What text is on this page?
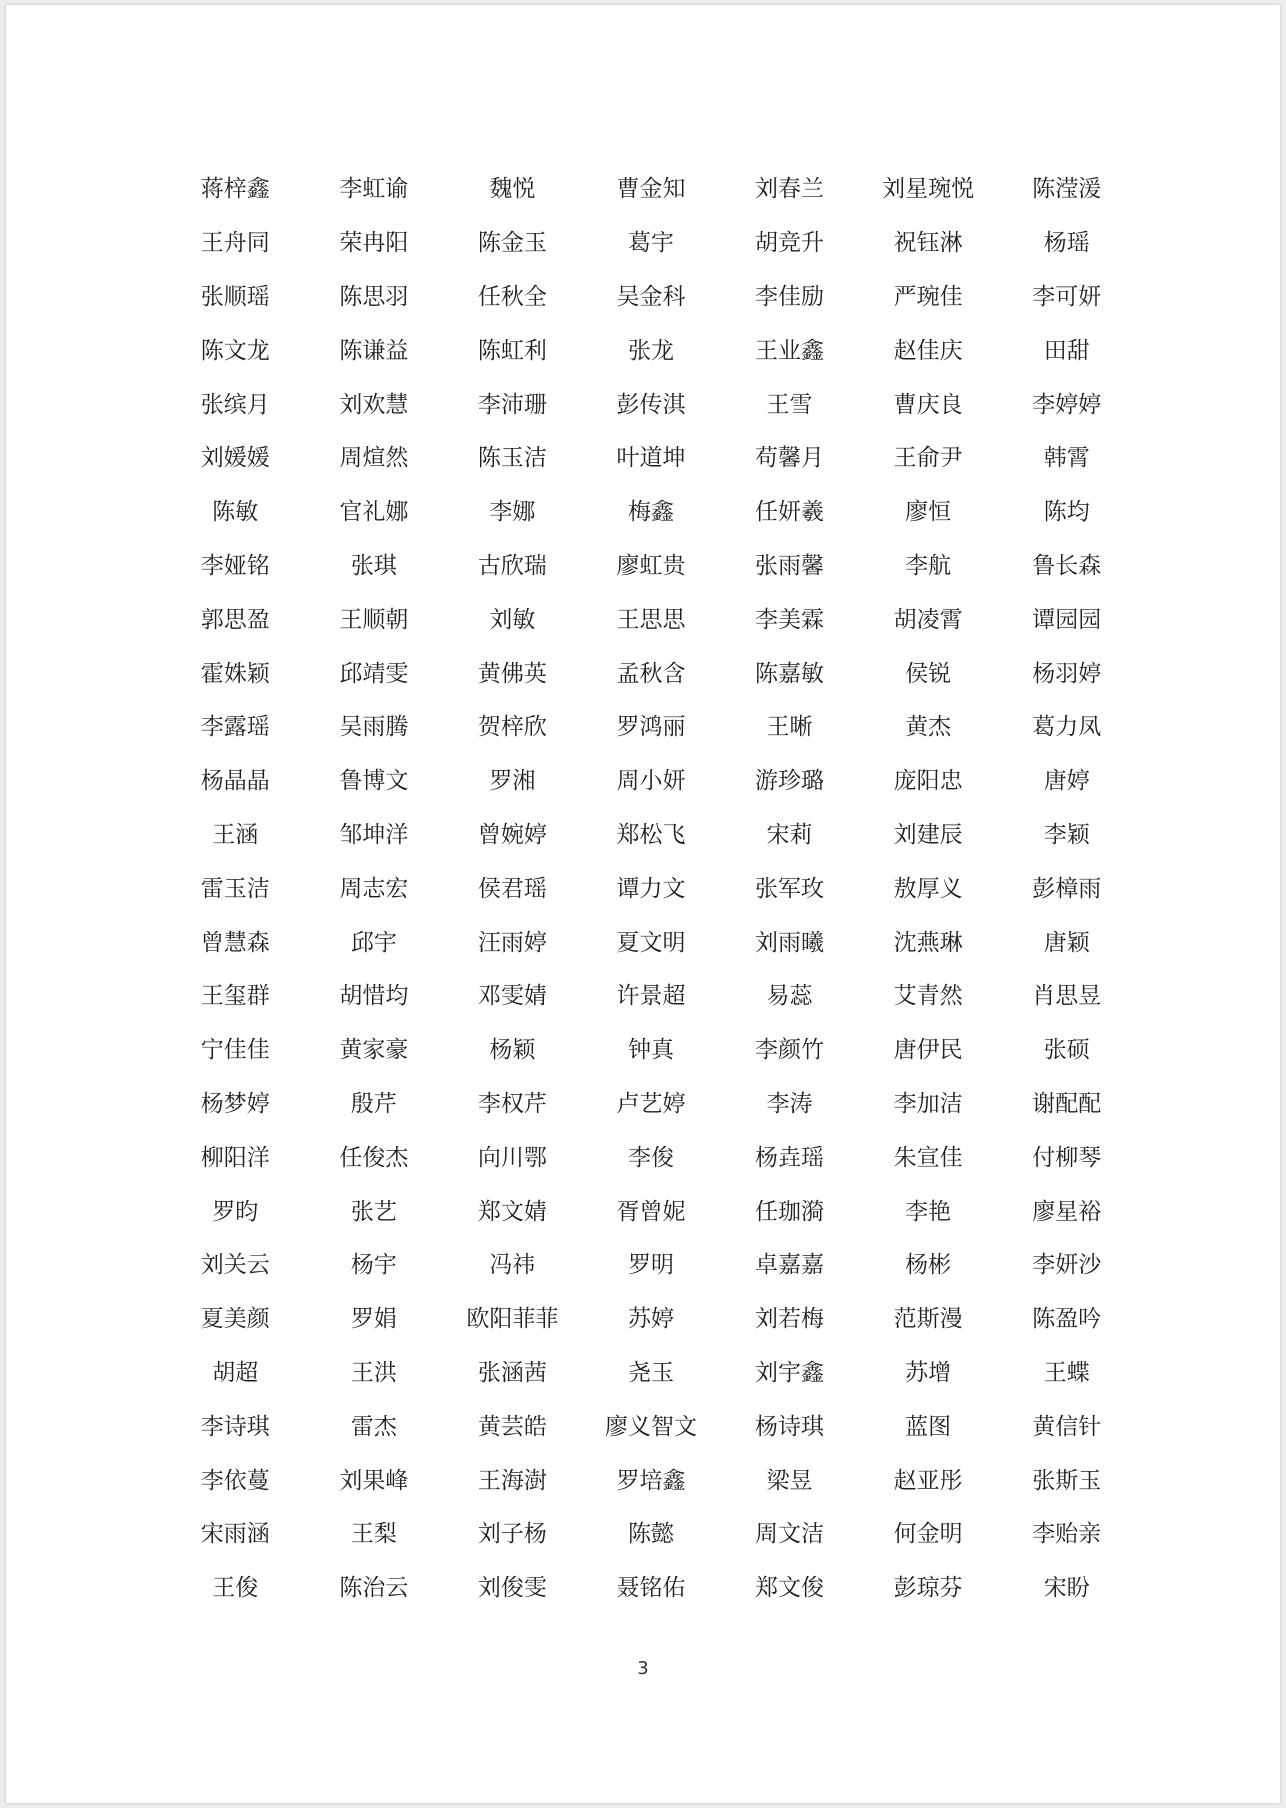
蒋梓鑫	李虹谕	魏悦	曹金知	刘春兰	刘星琬悦	陈滢湲
王舟同	荣冉阳	陈金玉	葛宇	胡竞升	祝钰淋	杨瑶
张顺瑶	陈思羽	任秋全	吴金科	李佳励	严琬佳	李可妍
陈文龙	陈谦益	陈虹利	张龙	王业鑫	赵佳庆	田甜
张缤月	刘欢慧	李沛珊	彭传淇	王雪	曹庆良	李婷婷
刘媛媛	周煊然	陈玉洁	叶道坤	苟馨月	王俞尹	韩霄
陈敏	官礼娜	李娜	梅鑫	任妍羲	廖恒	陈均
李娅铭	张琪	古欣瑞	廖虹贵	张雨馨	李航	鲁长森
郭思盈	王顺朝	刘敏	王思思	李美霖	胡凌霄	谭园园
霍姝颖	邱靖雯	黄佛英	孟秋含	陈嘉敏	侯锐	杨羽婷
李露瑶	吴雨腾	贺梓欣	罗鸿丽	王晰	黄杰	葛力凤
杨晶晶	鲁博文	罗湘	周小妍	游珍璐	庞阳忠	唐婷
王涵	邹坤洋	曾婉婷	郑松飞	宋莉	刘建辰	李颖
雷玉洁	周志宏	侯君瑶	谭力文	张军玫	敖厚义	彭樟雨
曾慧森	邱宇	汪雨婷	夏文明	刘雨曦	沈燕琳	唐颖
王玺群	胡惜均	邓雯婧	许景超	易蕊	艾青然	肖思昱
宁佳佳	黄家豪	杨颖	钟真	李颜竹	唐伊民	张硕
杨梦婷	殷芹	李权芹	卢艺婷	李涛	李加洁	谢配配
柳阳洋	任俊杰	向川鄂	李俊	杨垚瑶	朱宣佳	付柳琴
罗昀	张艺	郑文婧	胥曾妮	任珈漪	李艳	廖星裕
刘关云	杨宇	冯祎	罗明	卓嘉嘉	杨彬	李妍沙
夏美颜	罗娟	欧阳菲菲	苏婷	刘若梅	范斯漫	陈盈吟
胡超	王洪	张涵茜	尧玉	刘宇鑫	苏增	王蝶
李诗琪	雷杰	黄芸皓	廖义智文	杨诗琪	蓝图	黄信针
李依蔓	刘果峰	王海澍	罗培鑫	梁昱	赵亚彤	张斯玉
宋雨涵	王梨	刘子杨	陈懿	周文洁	何金明	李贻亲
王俊	陈治云	刘俊雯	聂铭佑	郑文俊	彭琼芬	宋盼
3
